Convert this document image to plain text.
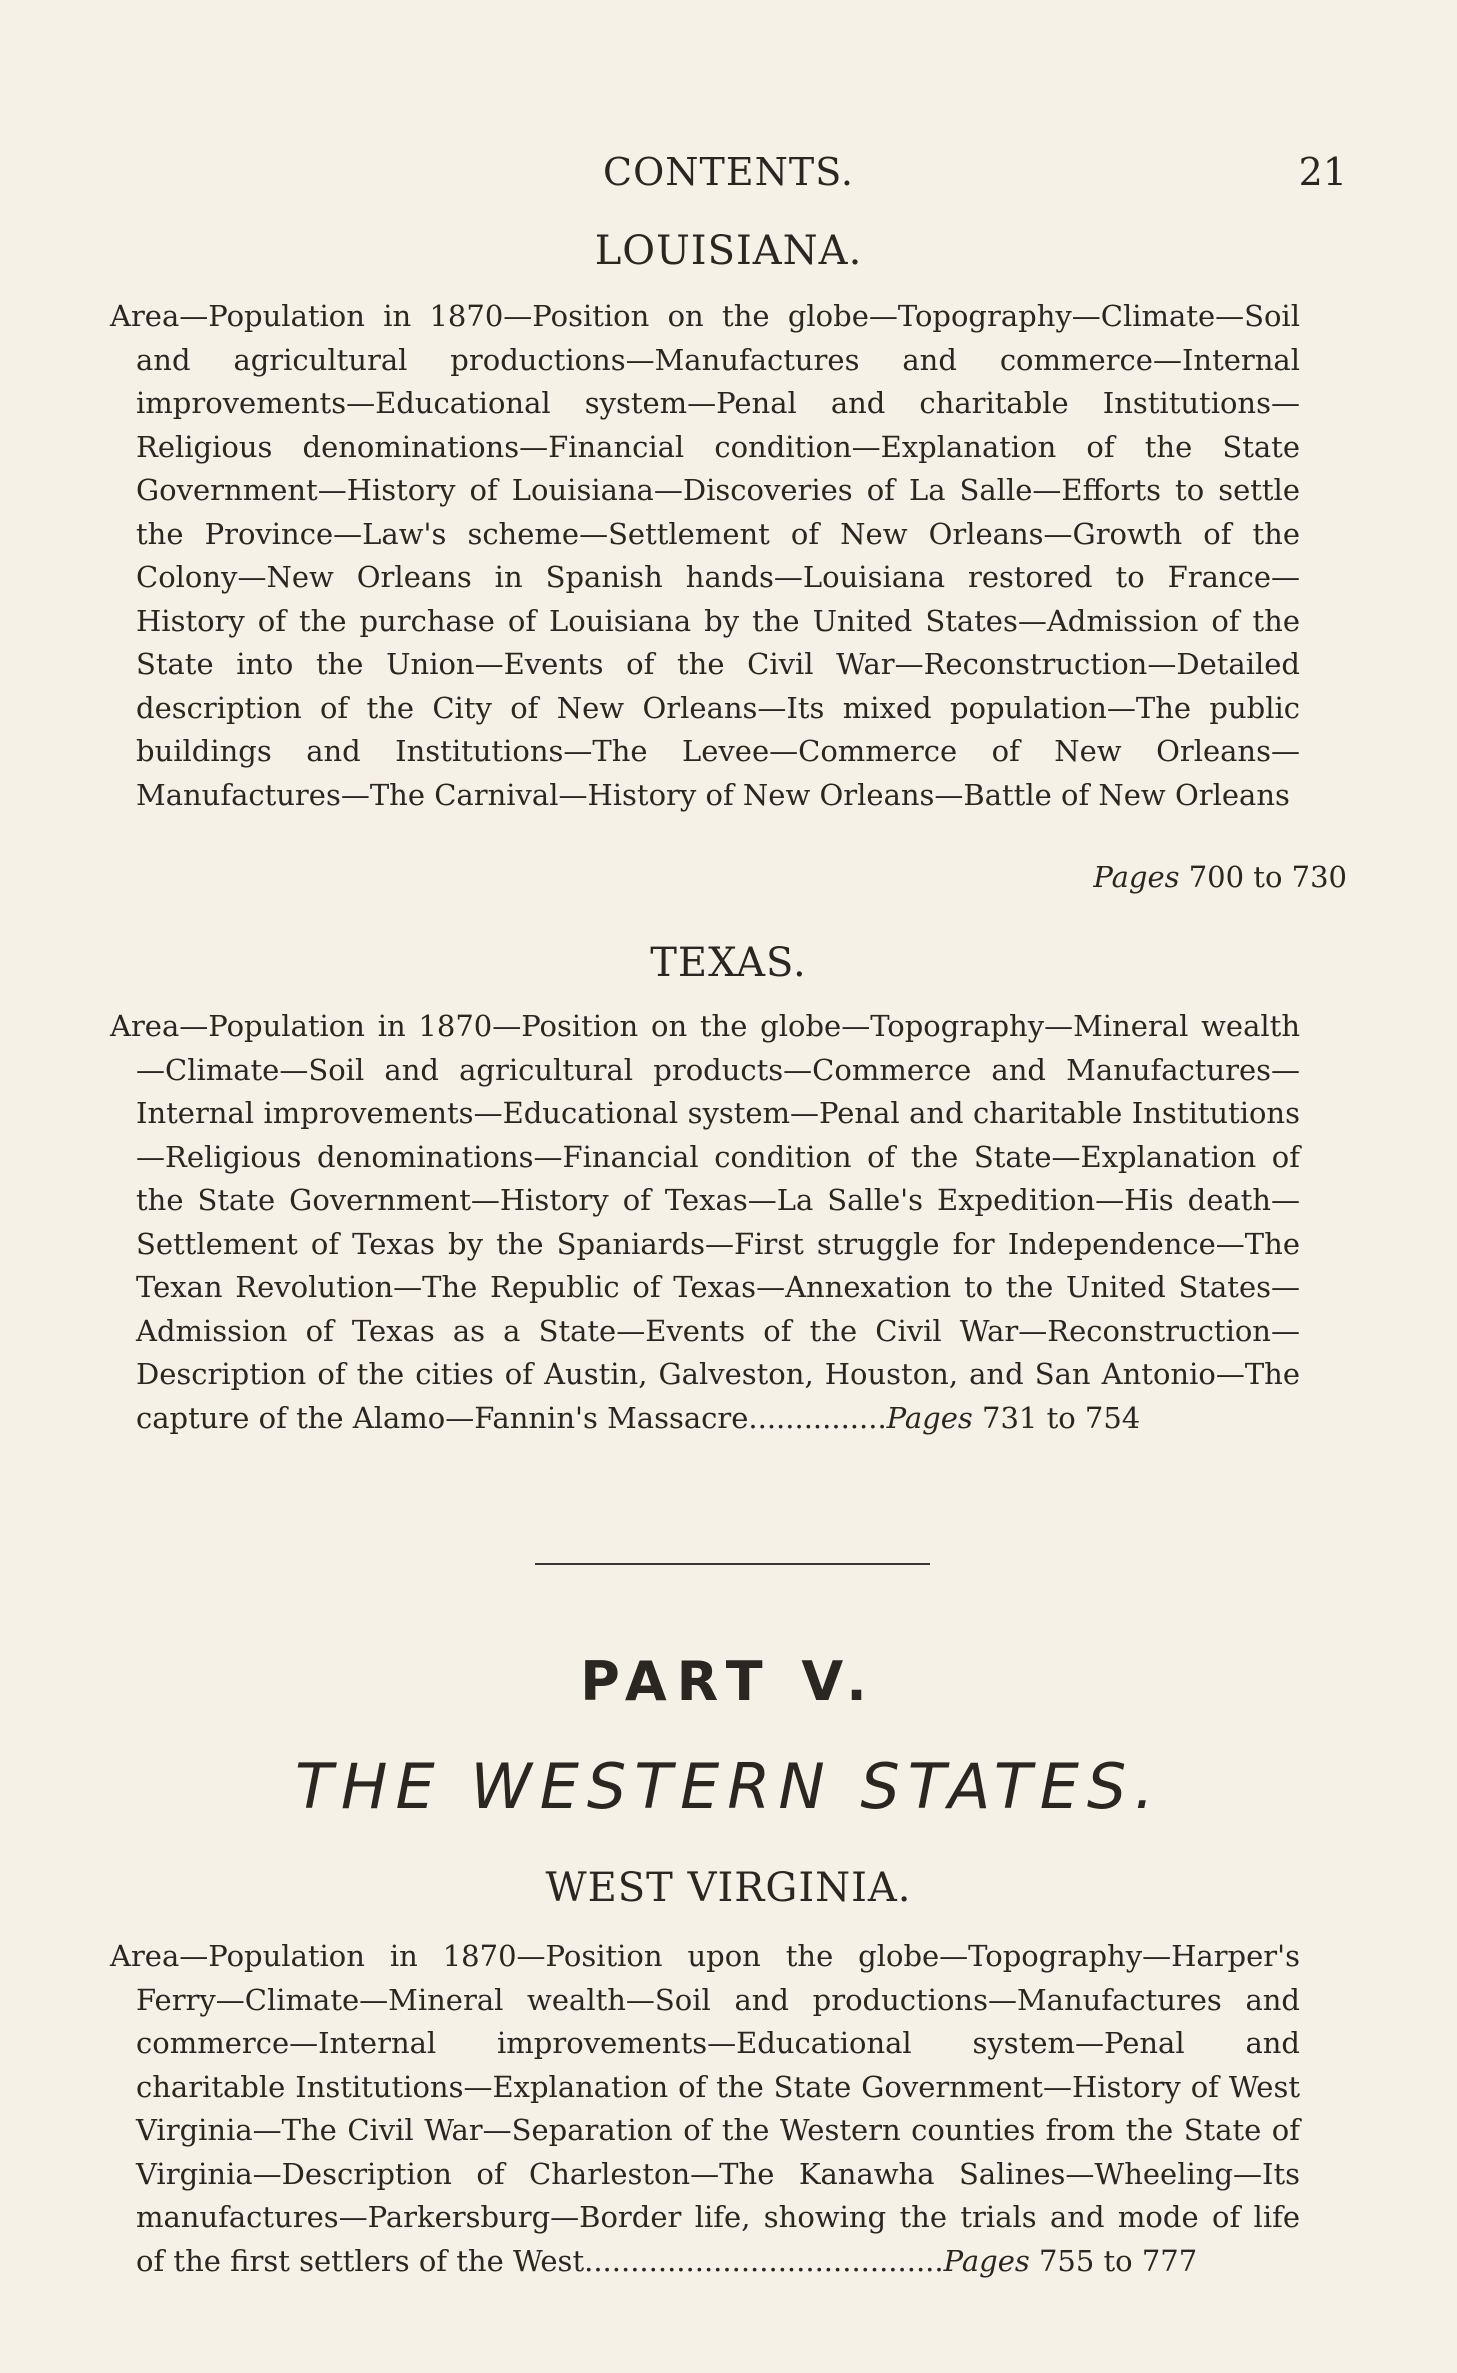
CONTENTS.	21
LOUISIANA.
Area—Population in 1870—Position on the globe—Topography—Climate—Soil and agricultural productions—Manufactures and commerce—Internal improvements—Educational system—Penal and charitable Institutions—Religious denominations—Financial condition—Explanation of the State Government—History of Louisiana—Discoveries of La Salle—Efforts to settle the Province—Law's scheme—Settlement of New Orleans—Growth of the Colony—New Orleans in Spanish hands—Louisiana restored to France—History of the purchase of Louisiana by the United States—Admission of the State into the Union—Events of the Civil War—Reconstruction—Detailed description of the City of New Orleans—Its mixed population—The public buildings and Institutions—The Levee—Commerce of New Orleans—Manufactures—The Carnival—History of New Orleans—Battle of New Orleans
Pages 700 to 730
TEXAS.
Area—Population in 1870—Position on the globe—Topography—Mineral wealth—Climate—Soil and agricultural products—Commerce and Manufactures—Internal improvements—Educational system—Penal and charitable Institutions—Religious denominations—Financial condition of the State—Explanation of the State Government—History of Texas—La Salle's Expedition—His death—Settlement of Texas by the Spaniards—First struggle for Independence—The Texan Revolution—The Republic of Texas—Annexation to the United States—Admission of Texas as a State—Events of the Civil War—Reconstruction—Description of the cities of Austin, Galveston, Houston, and San Antonio—The capture of the Alamo—Fannin's Massacre...............Pages 731 to 754
PART V.
THE WESTERN STATES.
WEST VIRGINIA.
Area—Population in 1870—Position upon the globe—Topography—Harper's Ferry—Climate—Mineral wealth—Soil and productions—Manufactures and commerce—Internal improvements—Educational system—Penal and charitable Institutions—Explanation of the State Government—History of West Virginia—The Civil War—Separation of the Western counties from the State of Virginia—Description of Charleston—The Kanawha Salines—Wheeling—Its manufactures—Parkersburg—Border life, showing the trials and mode of life of the first settlers of the West.......................................Pages 755 to 777
